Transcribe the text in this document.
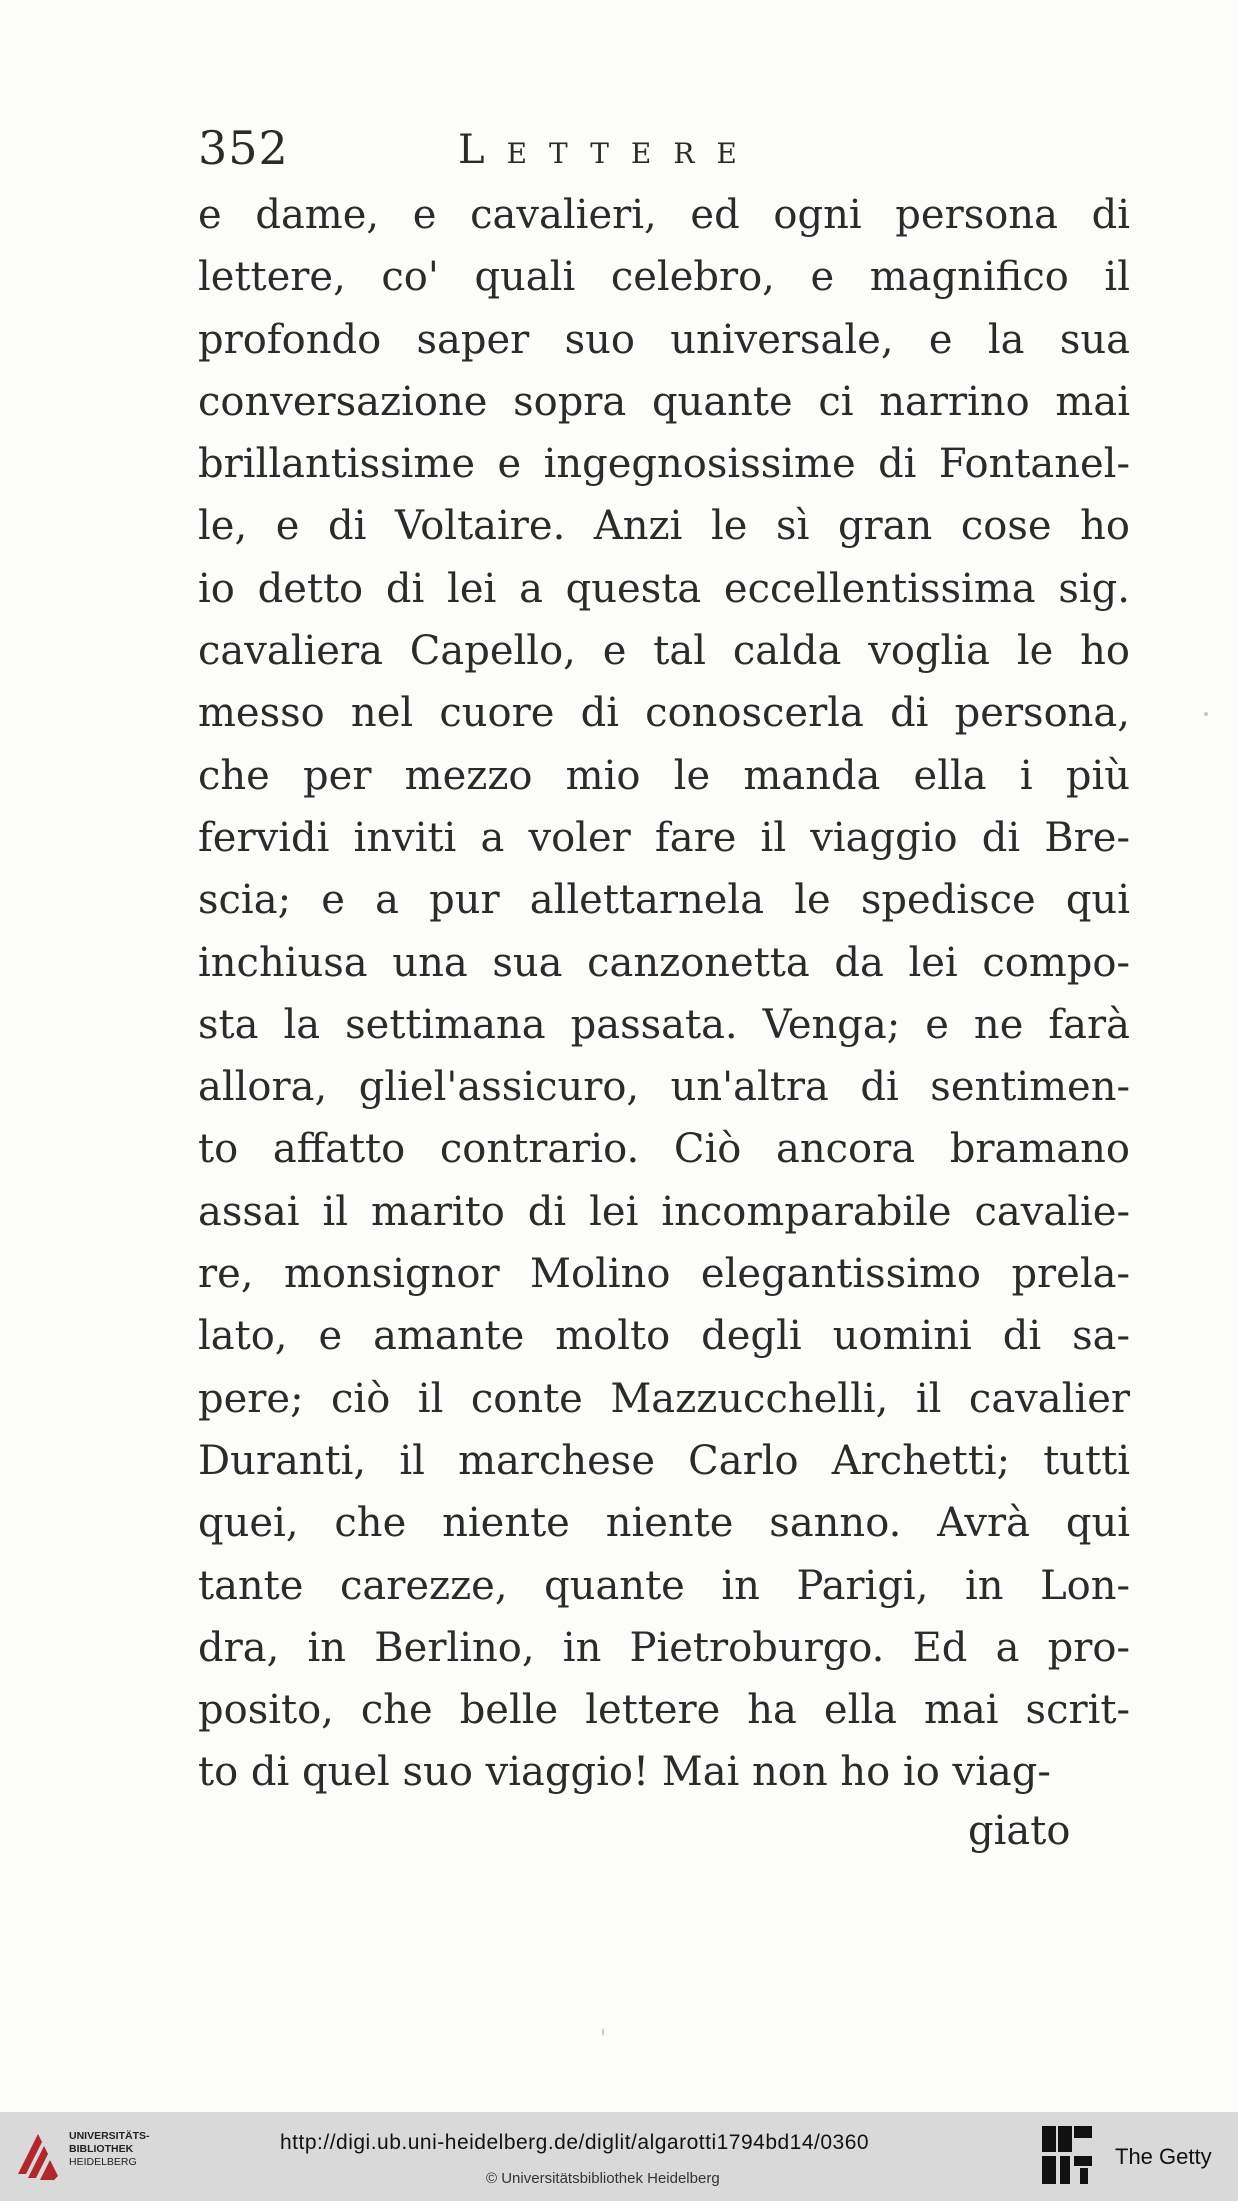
352	Lettere
e dame, e cavalieri, ed ogni persona di
lettere, co' quali celebro, e magnifico il
profondo saper suo universale, e la sua
conversazione sopra quante ci narrino mai
brillantissime e ingegnosissime di Fontanel-
le, e di Voltaire. Anzi le sì gran cose ho
io detto di lei a questa eccellentissima sig.
cavaliera Capello, e tal calda voglia le ho
messo nel cuore di conoscerla di persona,
che per mezzo mio le manda ella i più
fervidi inviti a voler fare il viaggio di Bre-
scia; e a pur allettarnela le spedisce qui
inchiusa una sua canzonetta da lei compo-
sta la settimana passata. Venga; e ne farà
allora, gliel'assicuro, un'altra di sentimen-
to affatto contrario. Ciò ancora bramano
assai il marito di lei incomparabile cavalie-
re, monsignor Molino elegantissimo prela-
lato, e amante molto degli uomini di sa-
pere; ciò il conte Mazzucchelli, il cavalier
Duranti, il marchese Carlo Archetti; tutti
quei, che niente niente sanno. Avrà qui
tante carezze, quante in Parigi, in Lon-
dra, in Berlino, in Pietroburgo. Ed a pro-
posito, che belle lettere ha ella mai scrit-
to di quel suo viaggio! Mai non ho io viag-
giato
UNIVERSITÄTS-
BIBLIOTHEK
HEIDELBERG
http://digi.ub.uni-heidelberg.de/diglit/algarotti1794bd14/0360
© Universitätsbibliothek Heidelberg
The Getty
